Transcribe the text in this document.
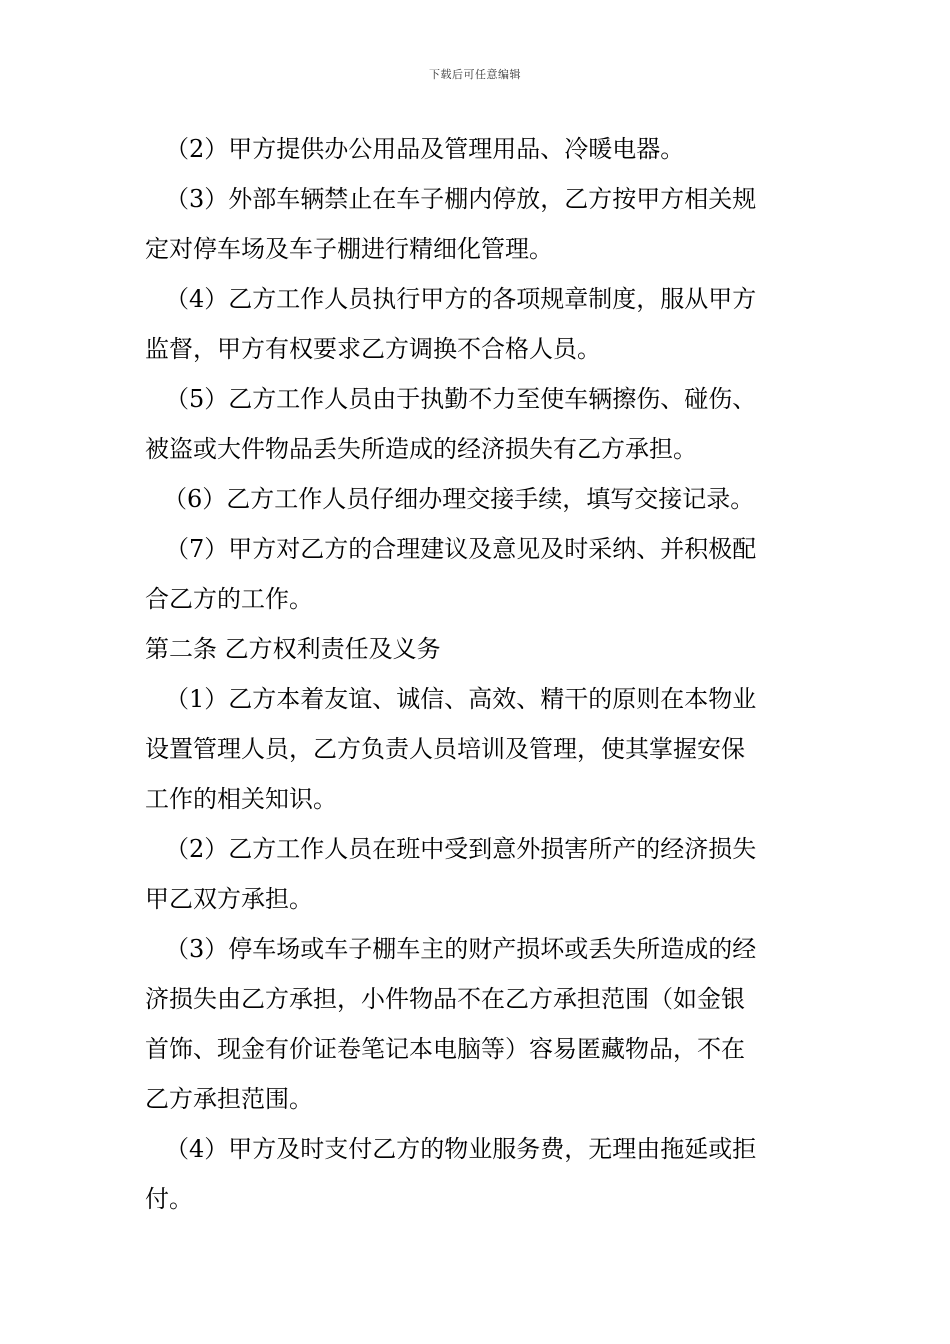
下载后可任意编辑
（2）甲方提供办公用品及管理用品、冷暖电器。
（3）外部车辆禁止在车子棚内停放，乙方按甲方相关规
定对停车场及车子棚进行精细化管理。
（4）乙方工作人员执行甲方的各项规章制度，服从甲方
监督，甲方有权要求乙方调换不合格人员。
（5）乙方工作人员由于执勤不力至使车辆擦伤、碰伤、
被盗或大件物品丢失所造成的经济损失有乙方承担。
（6）乙方工作人员仔细办理交接手续，填写交接记录。
（7）甲方对乙方的合理建议及意见及时采纳、并积极配
合乙方的工作。
第二条 乙方权利责任及义务
（1）乙方本着友谊、诚信、高效、精干的原则在本物业
设置管理人员，乙方负责人员培训及管理，使其掌握安保
工作的相关知识。
（2）乙方工作人员在班中受到意外损害所产的经济损失
甲乙双方承担。
（3）停车场或车子棚车主的财产损坏或丢失所造成的经
济损失由乙方承担，小件物品不在乙方承担范围（如金银
首饰、现金有价证卷笔记本电脑等）容易匿藏物品，不在
乙方承担范围。
（4）甲方及时支付乙方的物业服务费，无理由拖延或拒
付。
